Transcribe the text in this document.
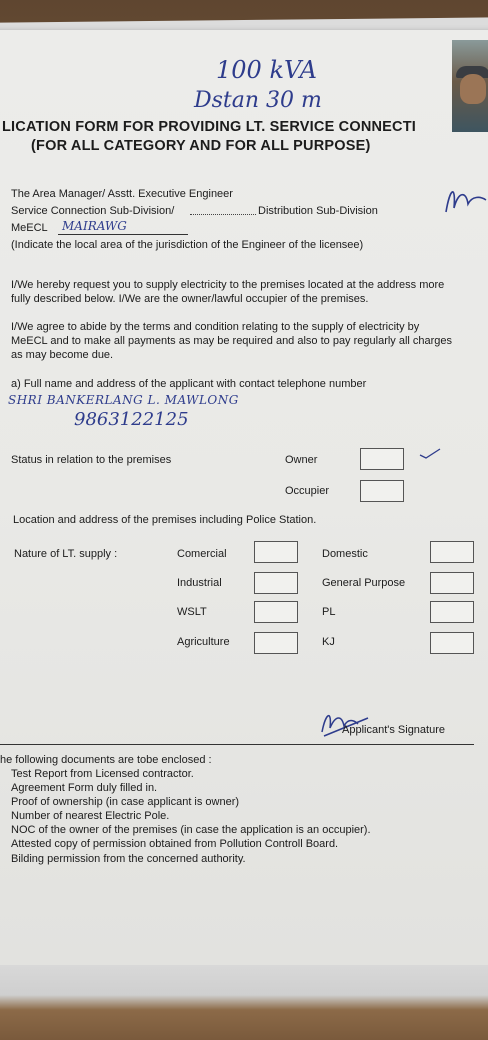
100 kVA
Dstan 30 m
LICATION FORM FOR PROVIDING LT. SERVICE CONNECTI
(FOR ALL CATEGORY AND FOR ALL PURPOSE)
The Area Manager/ Asstt. Executive Engineer
Service Connection Sub-Division/	Distribution Sub-Division
MeECL MAIRAWG
(Indicate the local area of the jurisdiction of the Engineer of the licensee)
I/We hereby request you to supply electricity to the premises located at the address more
fully described below. I/We are the owner/lawful occupier of the premises.
I/We agree to abide by the terms and condition relating to the supply of electricity by
MeECL and to make all payments as may be required and also to pay regularly all charges
as may become due.
a) Full name and address of the applicant with contact telephone number
SHRI BANKERLANG L. MAWLONG
9863122125
Status in relation to the premises	Owner
Occupier
Location and address of the premises including Police Station.
Nature of LT. supply :	Comercial	Domestic
Industrial	General Purpose
WSLT	PL
Agriculture	KJ
Applicant's Signature
he following documents are tobe enclosed :
Test Report from Licensed contractor.
Agreement Form duly filled in.
Proof of ownership (in case applicant is owner)
Number of nearest Electric Pole.
NOC of the owner of the premises (in case the application is an occupier).
Attested copy of permission obtained from Pollution Controll Board.
Bilding permission from the concerned authority.
